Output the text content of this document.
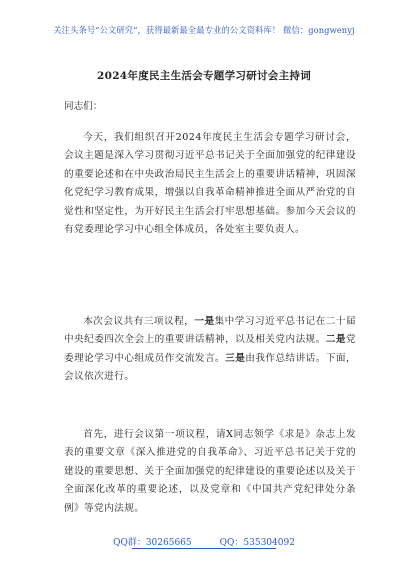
关注头条号“公文研究”，获得最新最全最专业的公文资料库！ 微信：gongwenyj
2024年度民主生活会专题学习研讨会主持词
同志们：

今天，我们组织召开2024年度民主生活会专题学习研讨会，会议主题是深入学习贯彻习近平总书记关于全面加强党的纪律建设的重要论述和在中央政治局民主生活会上的重要讲话精神，巩固深化党纪学习教育成果，增强以自我革命精神推进全面从严治党的自觉性和坚定性，为开好民主生活会打牢思想基础。参加今天会议的有党委理论学习中心组全体成员，各处室主要负责人。

本次会议共有三项议程，一是集中学习习近平总书记在二十届中央纪委四次全会上的重要讲话精神，以及相关党内法规。二是党委理论学习中心组成员作交流发言。三是由我作总结讲话。下面，会议依次进行。

首先，进行会议第一项议程，请X同志领学《求是》杂志上发表的重要文章《深入推进党的自我革命》、习近平总书记关于党的建设的重要思想、关于全面加强党的纪律建设的重要论述以及关于全面深化改革的重要论述，以及党章和《中国共产党纪律处分条例》等党内法规。

QQ群：30265665	QQ：535304092
